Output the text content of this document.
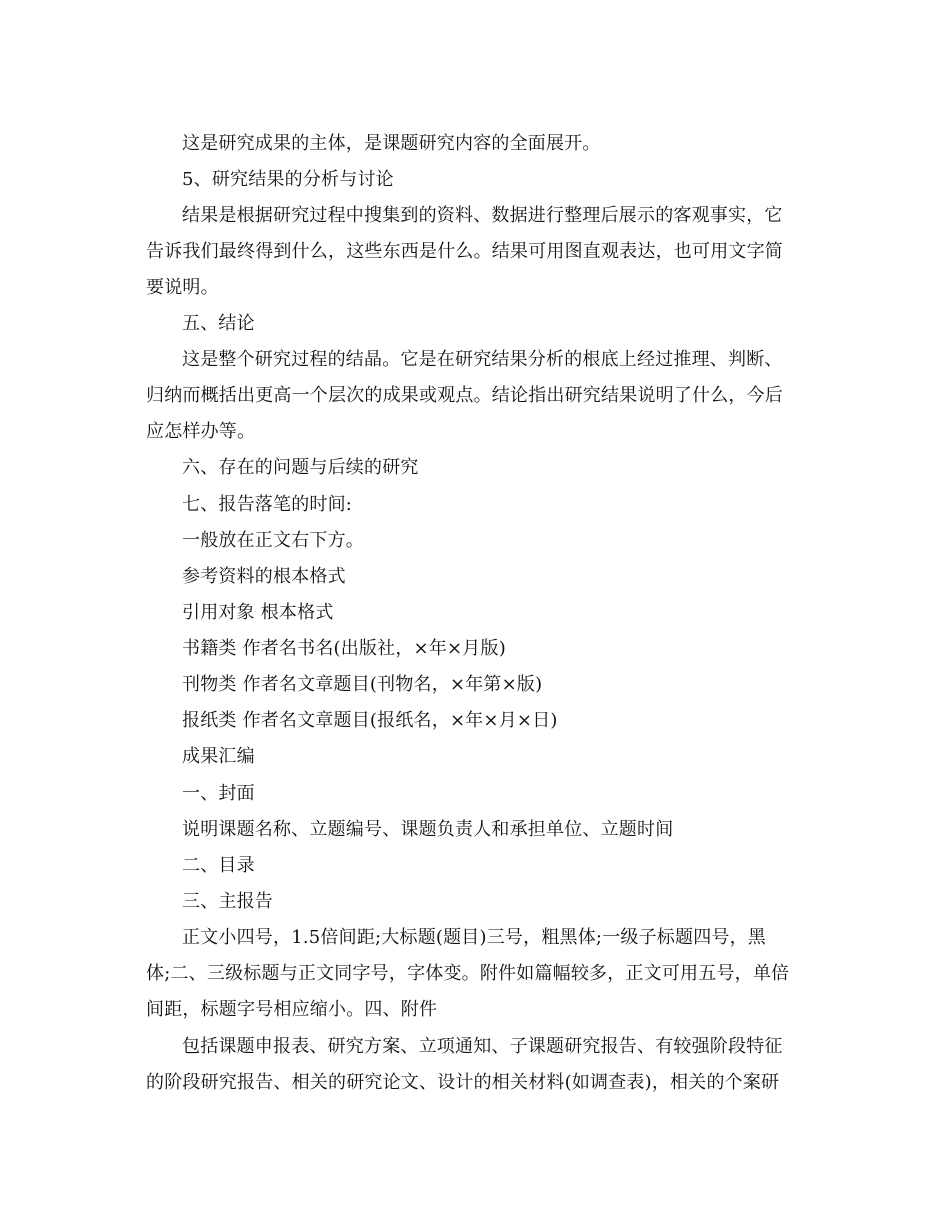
这是研究成果的主体，是课题研究内容的全面展开。
5、研究结果的分析与讨论
结果是根据研究过程中搜集到的资料、数据进行整理后展示的客观事实，它
告诉我们最终得到什么，这些东西是什么。结果可用图直观表达，也可用文字简
要说明。
五、结论
这是整个研究过程的结晶。它是在研究结果分析的根底上经过推理、判断、
归纳而概括出更高一个层次的成果或观点。结论指出研究结果说明了什么，今后
应怎样办等。
六、存在的问题与后续的研究
七、报告落笔的时间:
一般放在正文右下方。
参考资料的根本格式
引用对象 根本格式
书籍类 作者名书名(出版社，×年×月版)
刊物类 作者名文章题目(刊物名，×年第×版)
报纸类 作者名文章题目(报纸名，×年×月×日)
成果汇编
一、封面
说明课题名称、立题编号、课题负责人和承担单位、立题时间
二、目录
三、主报告
正文小四号，1.5倍间距;大标题(题目)三号，粗黑体;一级子标题四号，黑
体;二、三级标题与正文同字号，字体变。附件如篇幅较多，正文可用五号，单倍
间距，标题字号相应缩小。四、附件
包括课题申报表、研究方案、立项通知、子课题研究报告、有较强阶段特征
的阶段研究报告、相关的研究论文、设计的相关材料(如调查表)，相关的个案研
